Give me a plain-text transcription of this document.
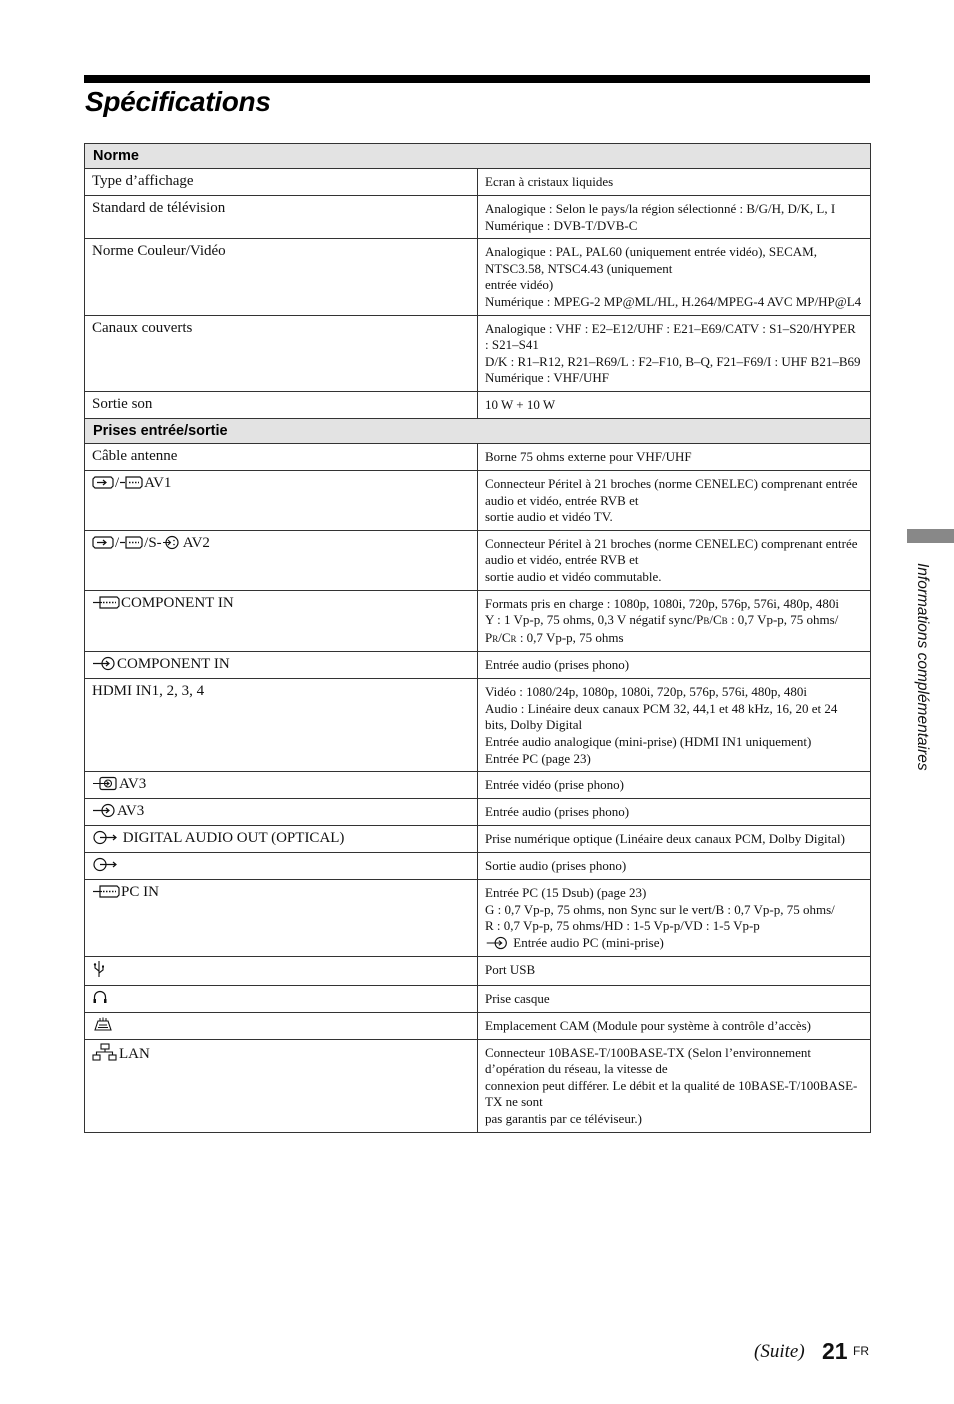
Spécifications
Norme	
Type d’affichage	Ecran à cristaux liquides

Standard de télévision	Analogique : Selon le pays/la région sélectionné : B/G/H, D/K, L, I
Numérique : DVB-T/DVB-C

Norme Couleur/Vidéo	Analogique : PAL, PAL60 (uniquement entrée vidéo), SECAM, NTSC3.58, NTSC4.43 (uniquement
entrée vidéo)
Numérique : MPEG-2 MP@ML/HL, H.264/MPEG-4 AVC MP/HP@L4

Canaux couverts	Analogique : VHF : E2–E12/UHF : E21–E69/CATV : S1–S20/HYPER : S21–S41
D/K : R1–R12, R21–R69/L : F2–F10, B–Q, F21–F69/I : UHF B21–B69
Numérique : VHF/UHF

Sortie son	10 W + 10 W

Prises entrée/sortie	
Câble antenne	Borne 75 ohms externe pour VHF/UHF

/ AV1	Connecteur Péritel à 21 broches (norme CENELEC) comprenant entrée audio et vidéo, entrée RVB et
sortie audio et vidéo TV.

/ /S- AV2	Connecteur Péritel à 21 broches (norme CENELEC) comprenant entrée audio et vidéo, entrée RVB et
sortie audio et vidéo commutable.

COMPONENT IN	Formats pris en charge : 1080p, 1080i, 720p, 576p, 576i, 480p, 480i
Y : 1 Vp-p, 75 ohms, 0,3 V négatif sync/PB/CB : 0,7 Vp-p, 75 ohms/
PR/CR : 0,7 Vp-p, 75 ohms

COMPONENT IN	Entrée audio (prises phono)

HDMI IN1, 2, 3, 4	Vidéo : 1080/24p, 1080p, 1080i, 720p, 576p, 576i, 480p, 480i
Audio : Linéaire deux canaux PCM 32, 44,1 et 48 kHz, 16, 20 et 24 bits, Dolby Digital
Entrée audio analogique (mini-prise) (HDMI IN1 uniquement)
Entrée PC (page 23)

AV3	Entrée vidéo (prise phono)

AV3	Entrée audio (prises phono)

DIGITAL AUDIO OUT (OPTICAL)	Prise numérique optique (Linéaire deux canaux PCM, Dolby Digital)

Sortie audio (prises phono)

PC IN	Entrée PC (15 Dsub) (page 23)
G : 0,7 Vp-p, 75 ohms, non Sync sur le vert/B : 0,7 Vp-p, 75 ohms/
R : 0,7 Vp-p, 75 ohms/HD : 1-5 Vp-p/VD : 1-5 Vp-p
Entrée audio PC (mini-prise)

Port USB

Prise casque

Emplacement CAM (Module pour système à contrôle d’accès)

LAN	Connecteur 10BASE-T/100BASE-TX (Selon l’environnement d’opération du réseau, la vitesse de
connexion peut différer. Le débit et la qualité de 10BASE-T/100BASE-TX ne sont
pas garantis par ce téléviseur.)
Informations complémentaires
(Suite) 21 FR
